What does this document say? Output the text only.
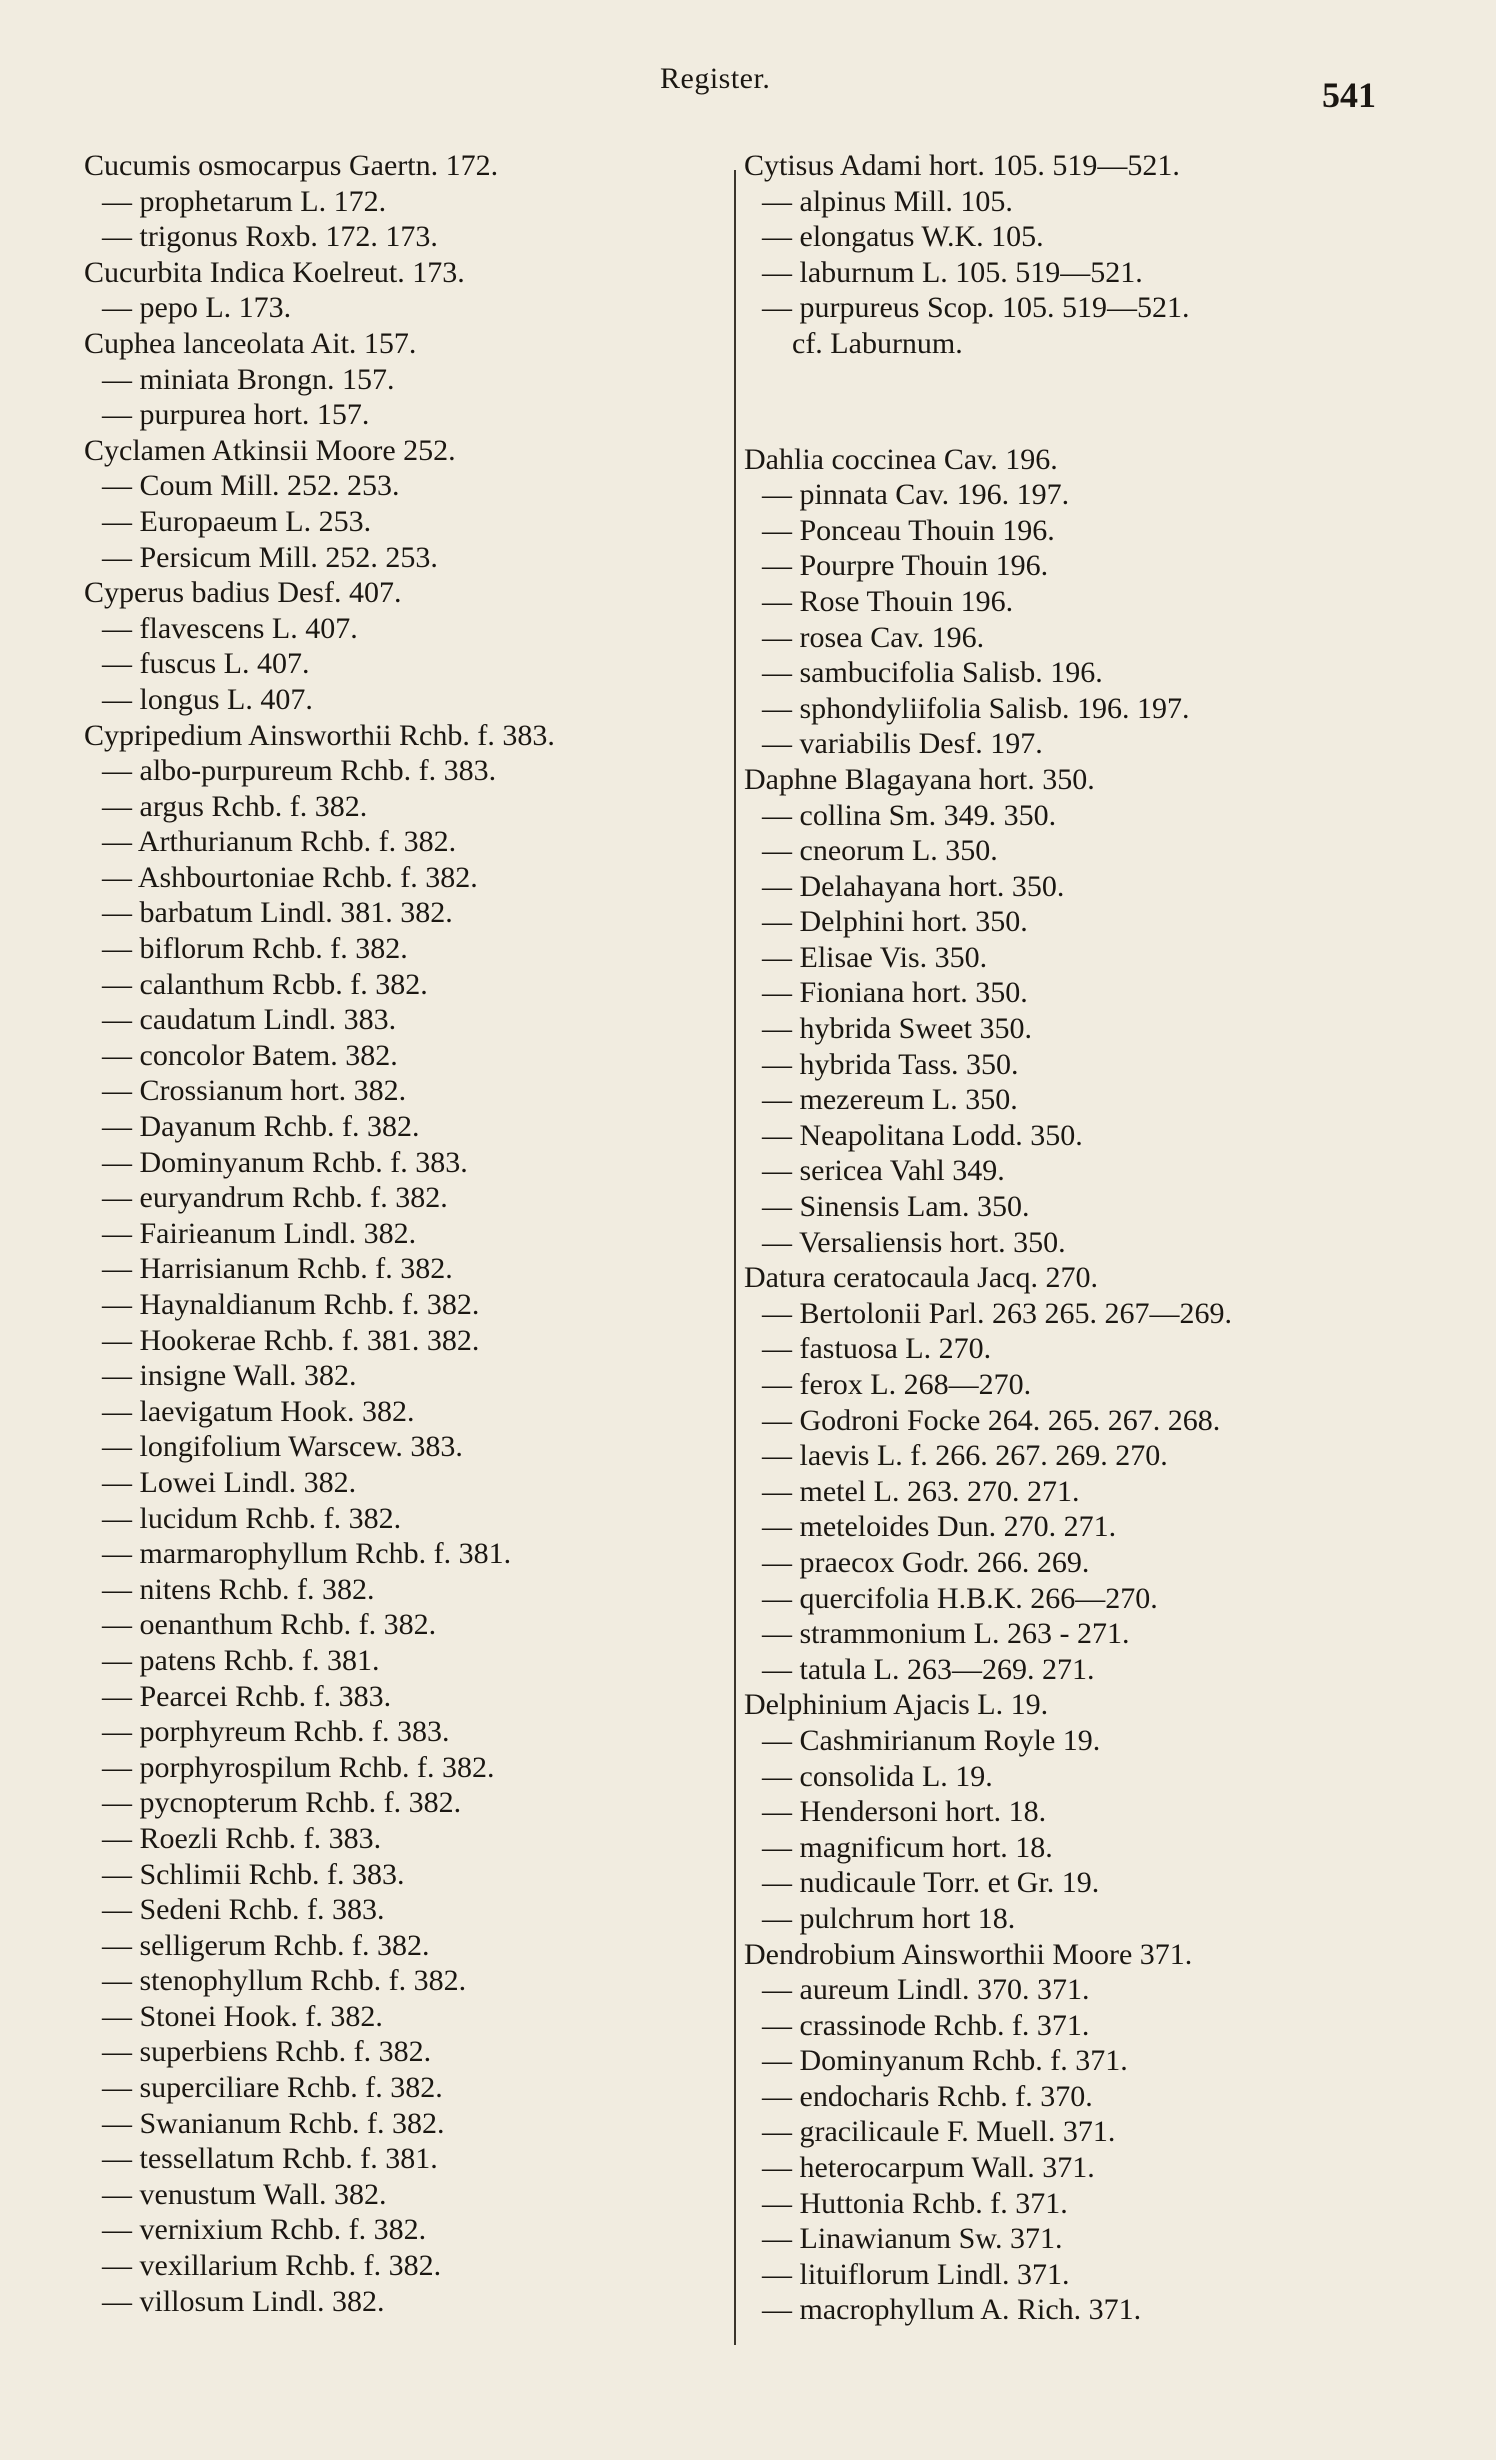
Register.	541
Cucumis osmocarpus Gaertn. 172.
— prophetarum L. 172.
— trigonus Roxb. 172. 173.
Cucurbita Indica Koelreut. 173.
— pepo L. 173.
Cuphea lanceolata Ait. 157.
— miniata Brongn. 157.
— purpurea hort. 157.
Cyclamen Atkinsii Moore 252.
— Coum Mill. 252. 253.
— Europaeum L. 253.
— Persicum Mill. 252. 253.
Cyperus badius Desf. 407.
— flavescens L. 407.
— fuscus L. 407.
— longus L. 407.
Cypripedium Ainsworthii Rchb. f. 383.
— albo-purpureum Rchb. f. 383.
— argus Rchb. f. 382.
— Arthurianum Rchb. f. 382.
— Ashbourtoniae Rchb. f. 382.
— barbatum Lindl. 381. 382.
— biflorum Rchb. f. 382.
— calanthum Rcbb. f. 382.
— caudatum Lindl. 383.
— concolor Batem. 382.
— Crossianum hort. 382.
— Dayanum Rchb. f. 382.
— Dominyanum Rchb. f. 383.
— euryandrum Rchb. f. 382.
— Fairieanum Lindl. 382.
— Harrisianum Rchb. f. 382.
— Haynaldianum Rchb. f. 382.
— Hookerae Rchb. f. 381. 382.
— insigne Wall. 382.
— laevigatum Hook. 382.
— longifolium Warscew. 383.
— Lowei Lindl. 382.
— lucidum Rchb. f. 382.
— marmarophyllum Rchb. f. 381.
— nitens Rchb. f. 382.
— oenanthum Rchb. f. 382.
— patens Rchb. f. 381.
— Pearcei Rchb. f. 383.
— porphyreum Rchb. f. 383.
— porphyrospilum Rchb. f. 382.
— pycnopterum Rchb. f. 382.
— Roezli Rchb. f. 383.
— Schlimii Rchb. f. 383.
— Sedeni Rchb. f. 383.
— selligerum Rchb. f. 382.
— stenophyllum Rchb. f. 382.
— Stonei Hook. f. 382.
— superbiens Rchb. f. 382.
— superciliare Rchb. f. 382.
— Swanianum Rchb. f. 382.
— tessellatum Rchb. f. 381.
— venustum Wall. 382.
— vernixium Rchb. f. 382.
— vexillarium Rchb. f. 382.
— villosum Lindl. 382.
Cytisus Adami hort. 105. 519—521.
— alpinus Mill. 105.
— elongatus W.K. 105.
— laburnum L. 105. 519—521.
— purpureus Scop. 105. 519—521.
cf. Laburnum.
Dahlia coccinea Cav. 196.
— pinnata Cav. 196. 197.
— Ponceau Thouin 196.
— Pourpre Thouin 196.
— Rose Thouin 196.
— rosea Cav. 196.
— sambucifolia Salisb. 196.
— sphondyliifolia Salisb. 196. 197.
— variabilis Desf. 197.
Daphne Blagayana hort. 350.
— collina Sm. 349. 350.
— cneorum L. 350.
— Delahayana hort. 350.
— Delphini hort. 350.
— Elisae Vis. 350.
— Fioniana hort. 350.
— hybrida Sweet 350.
— hybrida Tass. 350.
— mezereum L. 350.
— Neapolitana Lodd. 350.
— sericea Vahl 349.
— Sinensis Lam. 350.
— Versaliensis hort. 350.
Datura ceratocaula Jacq. 270.
— Bertolonii Parl. 263 265. 267—269.
— fastuosa L. 270.
— ferox L. 268—270.
— Godroni Focke 264. 265. 267. 268.
— laevis L. f. 266. 267. 269. 270.
— metel L. 263. 270. 271.
— meteloides Dun. 270. 271.
— praecox Godr. 266. 269.
— quercifolia H.B.K. 266—270.
— strammonium L. 263 - 271.
— tatula L. 263—269. 271.
Delphinium Ajacis L. 19.
— Cashmirianum Royle 19.
— consolida L. 19.
— Hendersoni hort. 18.
— magnificum hort. 18.
— nudicaule Torr. et Gr. 19.
— pulchrum hort 18.
Dendrobium Ainsworthii Moore 371.
— aureum Lindl. 370. 371.
— crassinode Rchb. f. 371.
— Dominyanum Rchb. f. 371.
— endocharis Rchb. f. 370.
— gracilicaule F. Muell. 371.
— heterocarpum Wall. 371.
— Huttonia Rchb. f. 371.
— Linawianum Sw. 371.
— lituiflorum Lindl. 371.
— macrophyllum A. Rich. 371.
